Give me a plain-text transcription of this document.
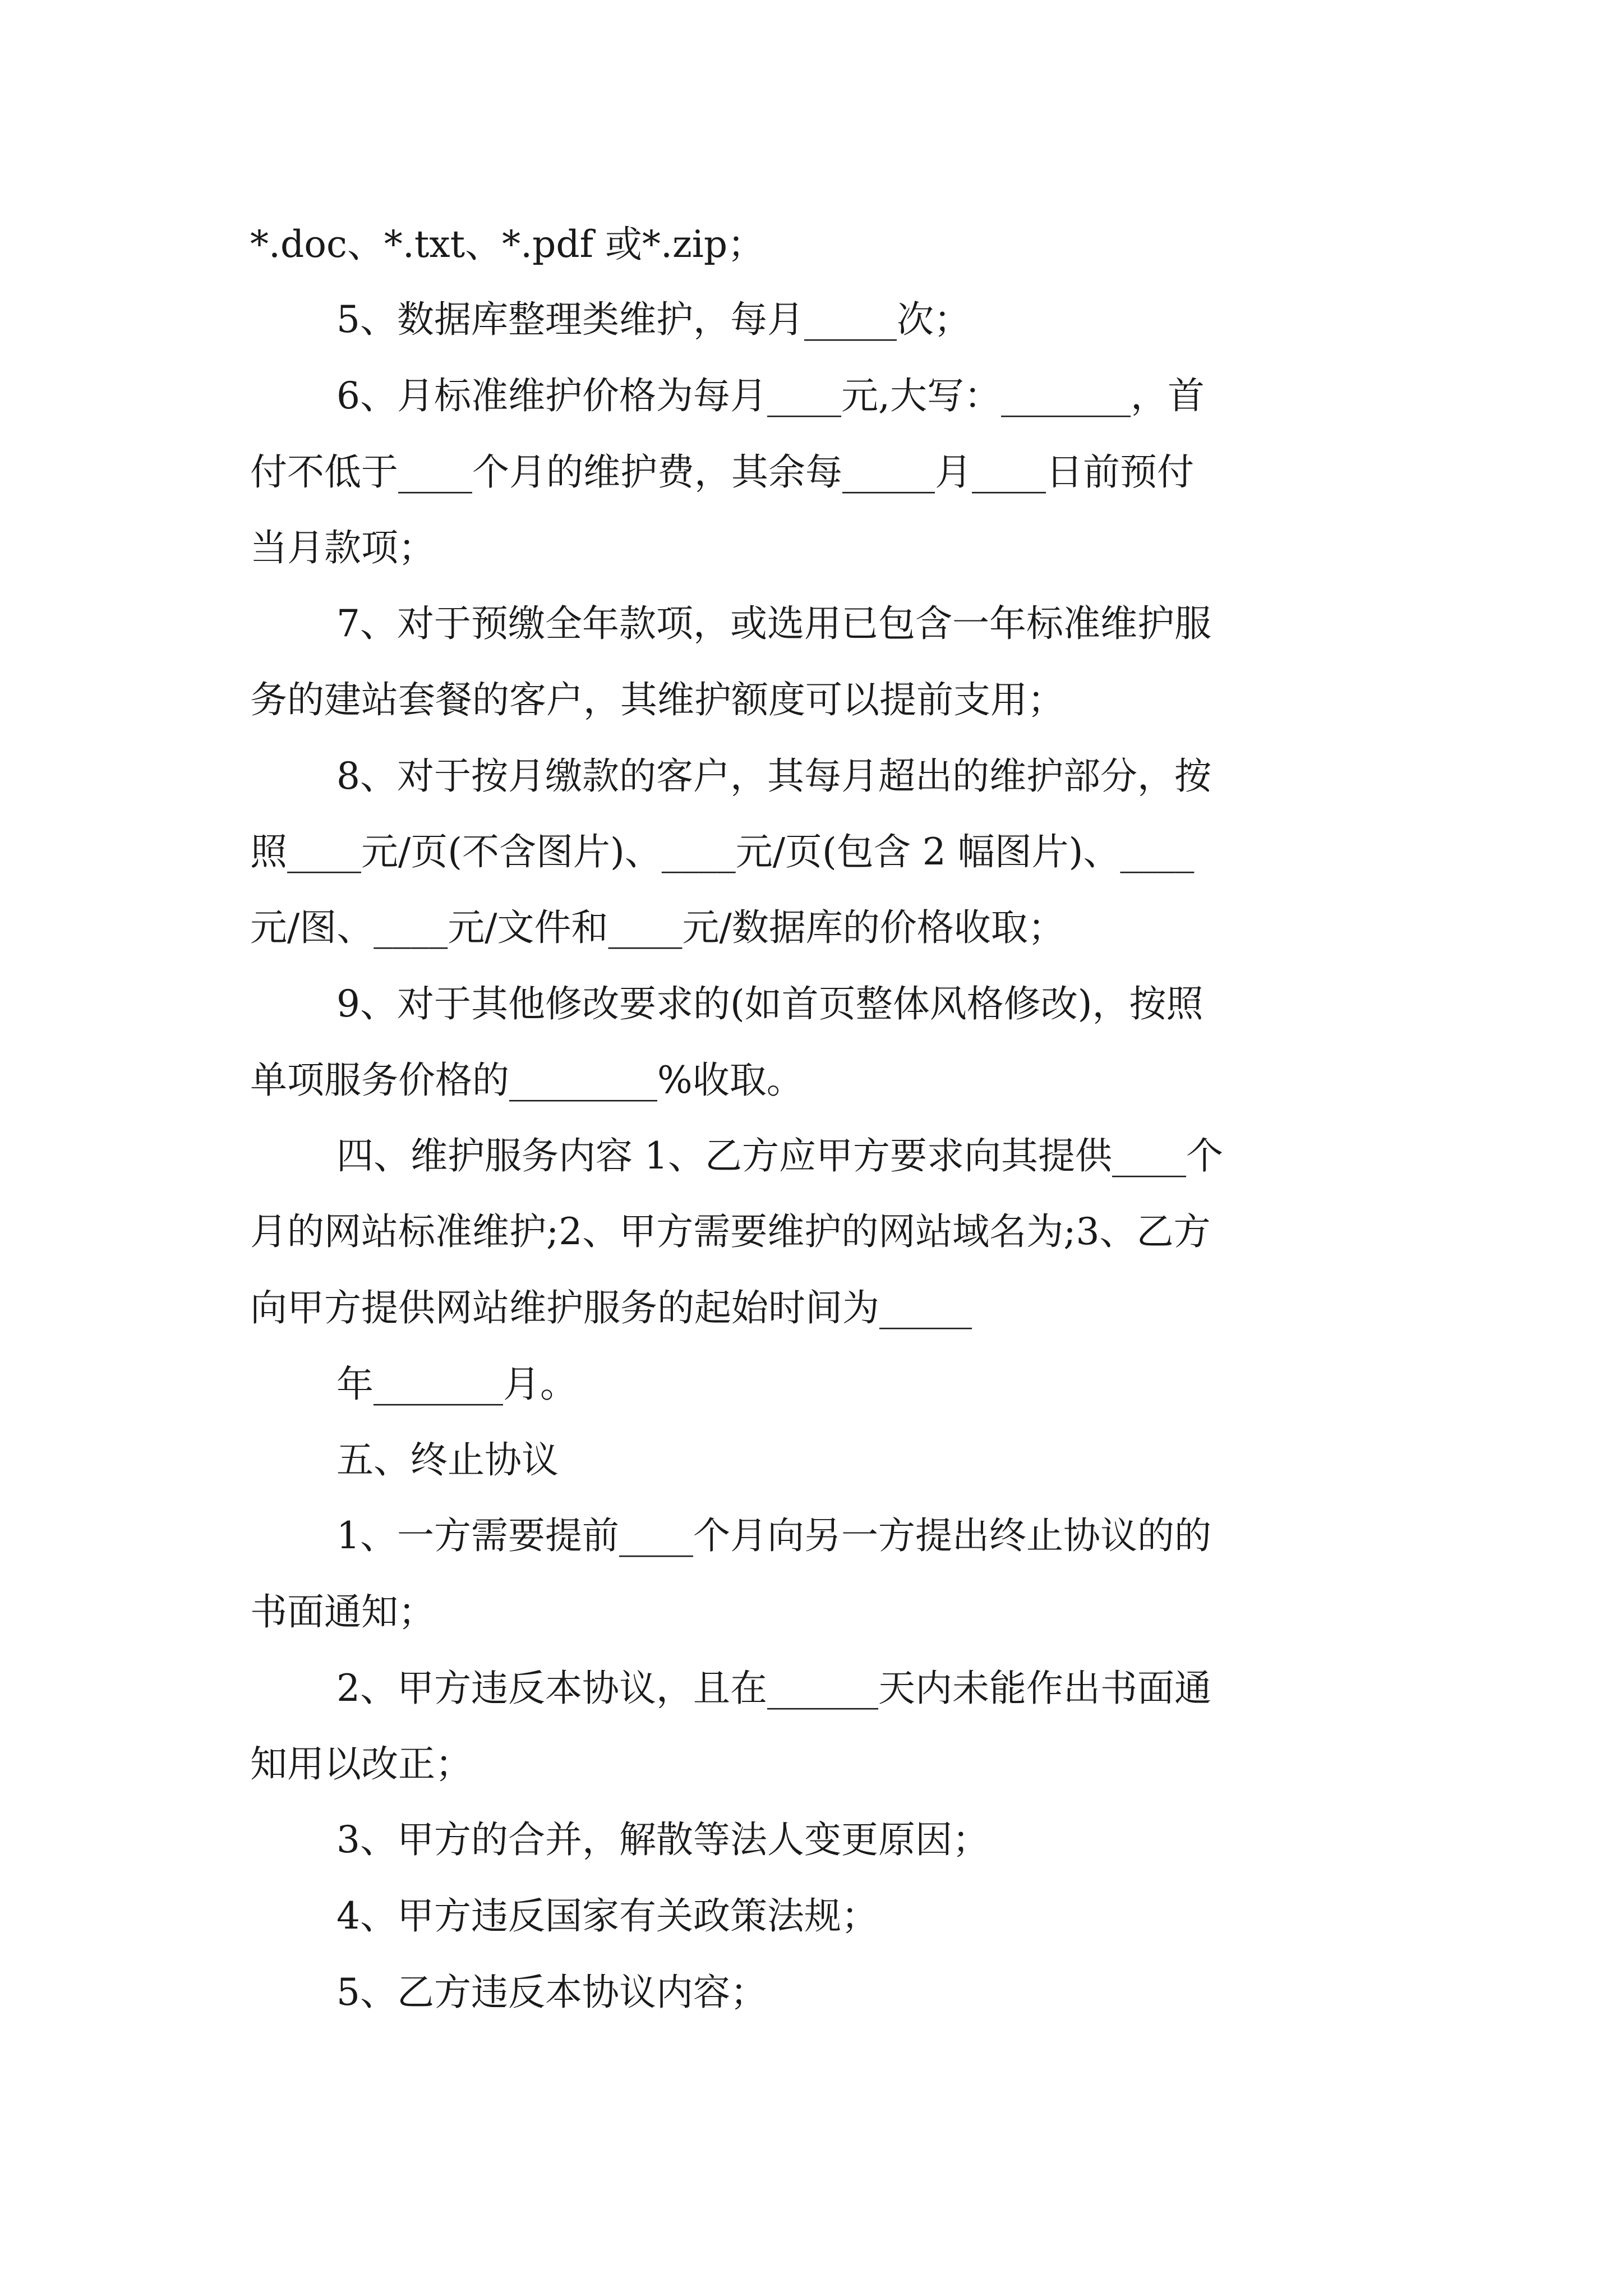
*.doc、*.txt、*.pdf 或*.zip；
5、数据库整理类维护，每月_____次；
6、月标准维护价格为每月____元,大写：_______，首
付不低于____个月的维护费，其余每_____月____日前预付
当月款项；
7、对于预缴全年款项，或选用已包含一年标准维护服
务的建站套餐的客户，其维护额度可以提前支用；
8、对于按月缴款的客户，其每月超出的维护部分，按
照____元/页(不含图片)、____元/页(包含 2 幅图片)、____
元/图、____元/文件和____元/数据库的价格收取；
9、对于其他修改要求的(如首页整体风格修改)，按照
单项服务价格的________%收取。
四、维护服务内容 1、乙方应甲方要求向其提供____个
月的网站标准维护;2、甲方需要维护的网站域名为;3、乙方
向甲方提供网站维护服务的起始时间为_____
年_______月。
五、终止协议
1、一方需要提前____个月向另一方提出终止协议的的
书面通知；
2、甲方违反本协议，且在______天内未能作出书面通
知用以改正；
3、甲方的合并，解散等法人变更原因；
4、甲方违反国家有关政策法规；
5、乙方违反本协议内容；
